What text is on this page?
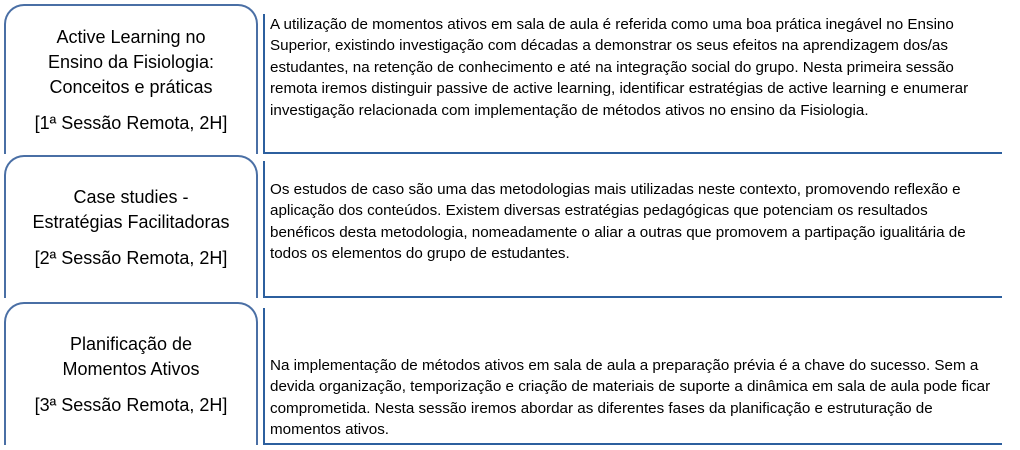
Active Learning no
Ensino da Fisiologia:
Conceitos e práticas
[1ª Sessão Remota, 2H]
A utilização de momentos ativos em sala de aula é referida como uma boa prática inegável no Ensino Superior, existindo investigação com décadas a demonstrar os seus efeitos na aprendizagem dos/as estudantes, na retenção de conhecimento e até na integração social do grupo. Nesta primeira sessão remota iremos distinguir passive de active learning, identificar estratégias de active learning e enumerar investigação relacionada com implementação de métodos ativos no ensino da Fisiologia.
Case studies -
Estratégias Facilitadoras
[2ª Sessão Remota, 2H]
Os estudos de caso são uma das metodologias mais utilizadas neste contexto, promovendo reflexão e aplicação dos conteúdos. Existem diversas estratégias pedagógicas que potenciam os resultados benéficos desta metodologia, nomeadamente o aliar a outras que promovem a partipação igualitária de todos os elementos do grupo de estudantes.
Planificação de
Momentos Ativos
[3ª Sessão Remota, 2H]
Na implementação de métodos ativos em sala de aula a preparação prévia é a chave do sucesso. Sem a devida organização, temporização e criação de materiais de suporte a dinâmica em sala de aula pode ficar comprometida. Nesta sessão iremos abordar as diferentes fases da planificação e estruturação de momentos ativos.
